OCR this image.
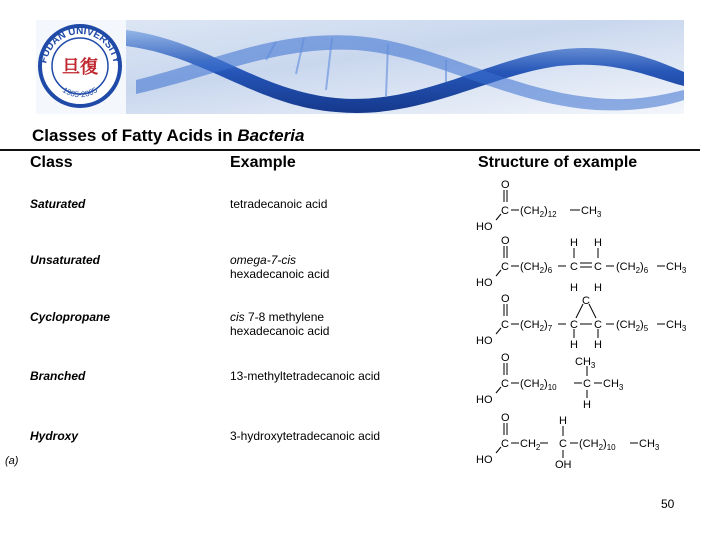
FUDAN UNIVERSITY
1905-2005
旦復
Classes of Fatty Acids in Bacteria
Class	Example	Structure of example
Saturated
Unsaturated
Cyclopropane
Branched
Hydroxy
tetradecanoic acid
omega-7-cis
hexadecanoic acid
cis 7-8 methylene
hexadecanoic acid
13-methyltetradecanoic acid
3-hydroxytetradecanoic acid
O
C
HO
$(CH_2)_{12}$ $CH_3$
O
C
HO
$(CH_2)_6$
H H
C C $(CH_2)_6$ $CH_3$
O
C
HO
$(CH_2)_7$
H H
C
C C
H H
$(CH_2)_5$ $CH_3$
O
C
HO
$(CH_2)_{10}$
$CH_3$
C
H
$CH_3$
O
C
HO
$CH_2$
H
C
OH
$(CH_2)_{10}$ $CH_3$
(a)
50
